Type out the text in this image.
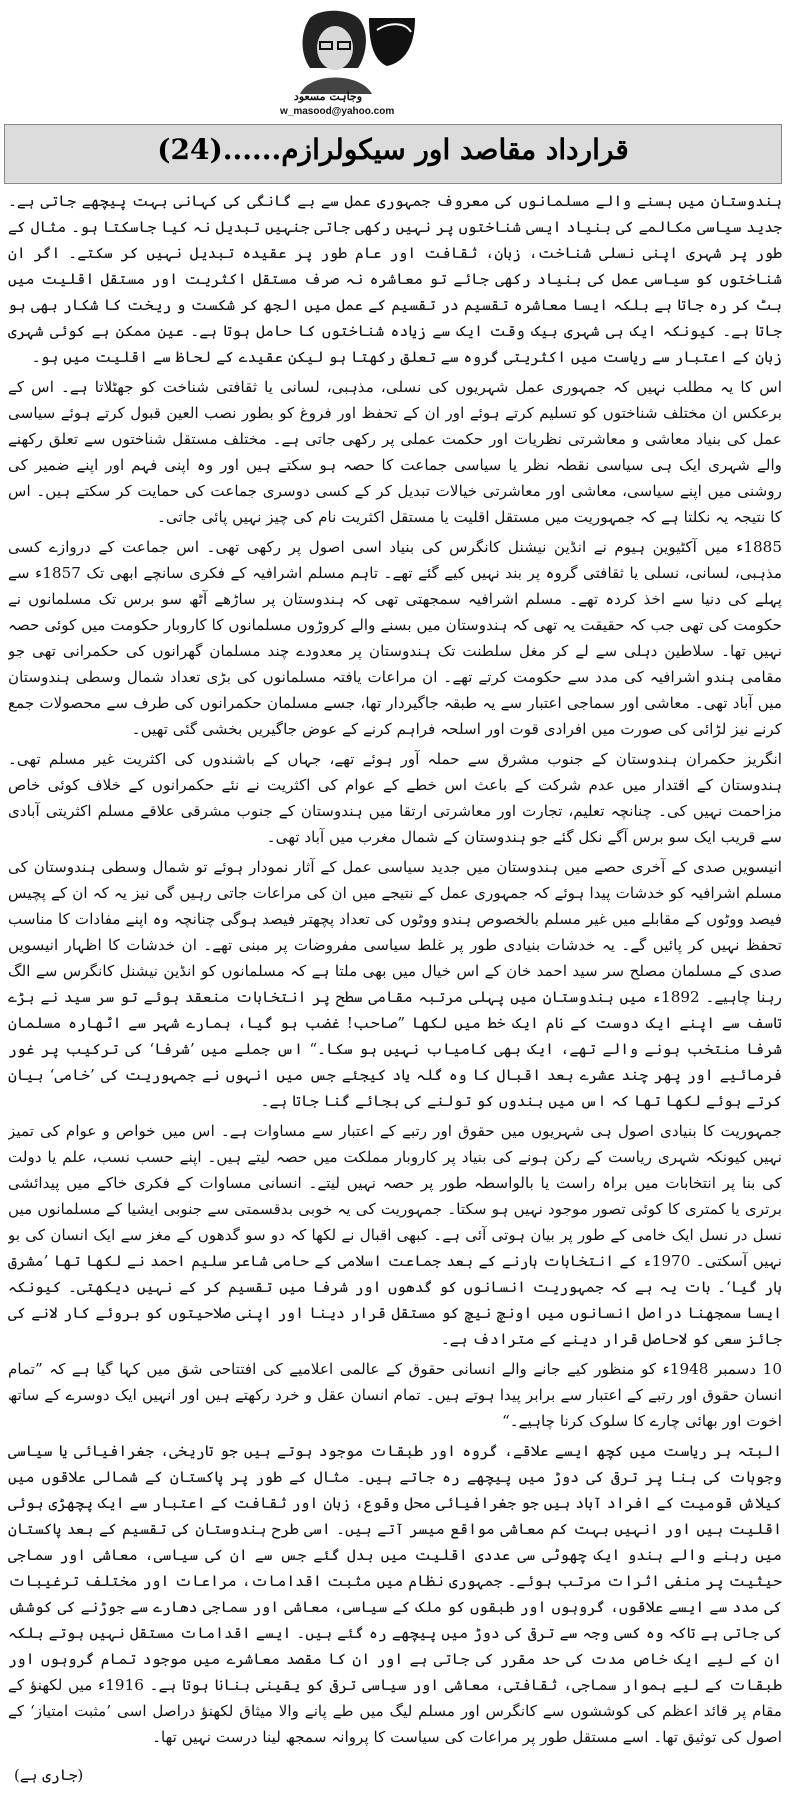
وجاہت مسعود
w_masood@yahoo.com
قرارداد مقاصد اور سیکولرازم......(24)

ہندوستان میں بسنے والے مسلمانوں کی معروف جمہوری عمل سے بے گانگی کی کہانی بہت پیچھے جاتی ہے۔ جدید سیاسی مکالمے کی بنیاد ایسی شناختوں پر نہیں رکھی جاتی جنہیں تبدیل نہ کیا جاسکتا ہو۔ مثال کے طور پر شہری اپنی نسلی شناخت، زبان، ثقافت اور عام طور پر عقیدہ تبدیل نہیں کر سکتے۔ اگر ان شناختوں کو سیاسی عمل کی بنیاد رکھی جائے تو معاشرہ نہ صرف مستقل اکثریت اور مستقل اقلیت میں بٹ کر رہ جاتا ہے بلکہ ایسا معاشرہ تقسیم در تقسیم کے عمل میں الجھ کر شکست و ریخت کا شکار بھی ہو جاتا ہے۔ کیونکہ ایک ہی شہری بیک وقت ایک سے زیادہ شناختوں کا حامل ہوتا ہے۔ عین ممکن ہے کوئی شہری زبان کے اعتبار سے ریاست میں اکثریتی گروہ سے تعلق رکھتا ہو لیکن عقیدے کے لحاظ سے اقلیت میں ہو۔

اس کا یہ مطلب نہیں کہ جمہوری عمل شہریوں کی نسلی، مذہبی، لسانی یا ثقافتی شناخت کو جھٹلاتا ہے۔ اس کے برعکس ان مختلف شناختوں کو تسلیم کرتے ہوئے اور ان کے تحفظ اور فروغ کو بطور نصب العین قبول کرتے ہوئے سیاسی عمل کی بنیاد معاشی و معاشرتی نظریات اور حکمت عملی پر رکھی جاتی ہے۔ مختلف مستقل شناختوں سے تعلق رکھنے والے شہری ایک ہی سیاسی نقطہ نظر یا سیاسی جماعت کا حصہ ہو سکتے ہیں اور وہ اپنی فہم اور اپنے ضمیر کی روشنی میں اپنے سیاسی، معاشی اور معاشرتی خیالات تبدیل کر کے کسی دوسری جماعت کی حمایت کر سکتے ہیں۔ اس کا نتیجہ یہ نکلتا ہے کہ جمہوریت میں مستقل اقلیت یا مستقل اکثریت نام کی چیز نہیں پائی جاتی۔

1885ء میں آکٹیوین ہیوم نے انڈین نیشنل کانگرس کی بنیاد اسی اصول پر رکھی تھی۔ اس جماعت کے دروازے کسی مذہبی، لسانی، نسلی یا ثقافتی گروہ پر بند نہیں کیے گئے تھے۔ تاہم مسلم اشرافیہ کے فکری سانچے ابھی تک 1857ء سے پہلے کی دنیا سے اخذ کردہ تھے۔ مسلم اشرافیہ سمجھتی تھی کہ ہندوستان پر ساڑھے آٹھ سو برس تک مسلمانوں نے حکومت کی تھی جب کہ حقیقت یہ تھی کہ ہندوستان میں بسنے والے کروڑوں مسلمانوں کا کاروبار حکومت میں کوئی حصہ نہیں تھا۔ سلاطین دہلی سے لے کر مغل سلطنت تک ہندوستان پر معدودے چند مسلمان گھرانوں کی حکمرانی تھی جو مقامی ہندو اشرافیہ کی مدد سے حکومت کرتے تھے۔ ان مراعات یافتہ مسلمانوں کی بڑی تعداد شمال وسطی ہندوستان میں آباد تھی۔ معاشی اور سماجی اعتبار سے یہ طبقہ جاگیردار تھا، جسے مسلمان حکمرانوں کی طرف سے محصولات جمع کرنے نیز لڑائی کی صورت میں افرادی قوت اور اسلحہ فراہم کرنے کے عوض جاگیریں بخشی گئی تھیں۔

انگریز حکمران ہندوستان کے جنوب مشرق سے حملہ آور ہوئے تھے، جہاں کے باشندوں کی اکثریت غیر مسلم تھی۔ ہندوستان کے اقتدار میں عدم شرکت کے باعث اس خطے کے عوام کی اکثریت نے نئے حکمرانوں کے خلاف کوئی خاص مزاحمت نہیں کی۔ چنانچہ تعلیم، تجارت اور معاشرتی ارتقا میں ہندوستان کے جنوب مشرقی علاقے مسلم اکثریتی آبادی سے قریب ایک سو برس آگے نکل گئے جو ہندوستان کے شمال مغرب میں آباد تھی۔

انیسویں صدی کے آخری حصے میں ہندوستان میں جدید سیاسی عمل کے آثار نمودار ہوئے تو شمال وسطی ہندوستان کی مسلم اشرافیہ کو خدشات پیدا ہوئے کہ جمہوری عمل کے نتیجے میں ان کی مراعات جاتی رہیں گی نیز یہ کہ ان کے پچیس فیصد ووٹوں کے مقابلے میں غیر مسلم بالخصوص ہندو ووٹوں کی تعداد پچھتر فیصد ہوگی چنانچہ وہ اپنے مفادات کا مناسب تحفظ نہیں کر پائیں گے۔ یہ خدشات بنیادی طور پر غلط سیاسی مفروضات پر مبنی تھے۔ ان خدشات کا اظہار انیسویں صدی کے مسلمان مصلح سر سید احمد خان کے اس خیال میں بھی ملتا ہے کہ مسلمانوں کو انڈین نیشنل کانگرس سے الگ رہنا چاہیے۔ 1892ء میں ہندوستان میں پہلی مرتبہ مقامی سطح پر انتخابات منعقد ہوئے تو سر سید نے بڑے تاسف سے اپنے ایک دوست کے نام ایک خط میں لکھا ”صاحب! غضب ہو گیا، ہمارے شہر سے اٹھارہ مسلمان شرفا منتخب ہونے والے تھے، ایک بھی کامیاب نہیں ہو سکا۔“ اس جملے میں ’شرفا‘ کی ترکیب پر غور فرمائیے اور پھر چند عشرے بعد اقبال کا وہ گلہ یاد کیجئے جس میں انہوں نے جمہوریت کی ’خامی‘ بیان کرتے ہوئے لکھا تھا کہ اس میں بندوں کو تولنے کی بجائے گنا جاتا ہے۔

جمہوریت کا بنیادی اصول ہی شہریوں میں حقوق اور رتبے کے اعتبار سے مساوات ہے۔ اس میں خواص و عوام کی تمیز نہیں کیونکہ شہری ریاست کے رکن ہونے کی بنیاد پر کاروبار مملکت میں حصہ لیتے ہیں۔ اپنے حسب نسب، علم یا دولت کی بنا پر انتخابات میں براہ راست یا بالواسطہ طور پر حصہ نہیں لیتے۔ انسانی مساوات کے فکری خاکے میں پیدائشی برتری یا کمتری کا کوئی تصور موجود نہیں ہو سکتا۔ جمہوریت کی یہ خوبی بدقسمتی سے جنوبی ایشیا کے مسلمانوں میں نسل در نسل ایک خامی کے طور پر بیان ہوتی آئی ہے۔ کبھی اقبال نے لکھا کہ دو سو گدھوں کے مغز سے ایک انسان کی بو نہیں آسکتی۔ 1970ء کے انتخابات ہارنے کے بعد جماعت اسلامی کے حامی شاعر سلیم احمد نے لکھا تھا ’مشرق ہار گیا‘۔ بات یہ ہے کہ جمہوریت انسانوں کو گدھوں اور شرفا میں تقسیم کر کے نہیں دیکھتی۔ کیونکہ ایسا سمجھنا دراصل انسانوں میں اونچ نیچ کو مستقل قرار دینا اور اپنی صلاحیتوں کو بروئے کار لانے کی جائز سعی کو لاحاصل قرار دینے کے مترادف ہے۔

10 دسمبر 1948ء کو منظور کیے جانے والے انسانی حقوق کے عالمی اعلامیے کی افتتاحی شق میں کہا گیا ہے کہ ”تمام انسان حقوق اور رتبے کے اعتبار سے برابر پیدا ہوتے ہیں۔ تمام انسان عقل و خرد رکھتے ہیں اور انہیں ایک دوسرے کے ساتھ اخوت اور بھائی چارے کا سلوک کرنا چاہیے۔“

البتہ ہر ریاست میں کچھ ایسے علاقے، گروہ اور طبقات موجود ہوتے ہیں جو تاریخی، جغرافیائی یا سیاسی وجوہات کی بنا پر ترقی کی دوڑ میں پیچھے رہ جاتے ہیں۔ مثال کے طور پر پاکستان کے شمالی علاقوں میں کیلاش قومیت کے افراد آباد ہیں جو جغرافیائی محل وقوع، زبان اور ثقافت کے اعتبار سے ایک پچھڑی ہوئی اقلیت ہیں اور انہیں بہت کم معاشی مواقع میسر آتے ہیں۔ اسی طرح ہندوستان کی تقسیم کے بعد پاکستان میں رہنے والے ہندو ایک چھوٹی سی عددی اقلیت میں بدل گئے جس سے ان کی سیاسی، معاشی اور سماجی حیثیت پر منفی اثرات مرتب ہوئے۔ جمہوری نظام میں مثبت اقدامات، مراعات اور مختلف ترغیبات کی مدد سے ایسے علاقوں، گروہوں اور طبقوں کو ملک کے سیاسی، معاشی اور سماجی دھارے سے جوڑنے کی کوشش کی جاتی ہے تاکہ وہ کسی وجہ سے ترقی کی دوڑ میں پیچھے رہ گئے ہیں۔ ایسے اقدامات مستقل نہیں ہوتے بلکہ ان کے لیے ایک خاص مدت کی حد مقرر کی جاتی ہے اور ان کا مقصد معاشرے میں موجود تمام گروہوں اور طبقات کے لیے ہموار سماجی، ثقافتی، معاشی اور سیاسی ترقی کو یقینی بنانا ہوتا ہے۔ 1916ء میں لکھنؤ کے مقام پر قائد اعظم کی کوششوں سے کانگرس اور مسلم لیگ میں طے پانے والا میثاق لکھنؤ دراصل اسی ’مثبت امتیاز‘ کے اصول کی توثیق تھا۔ اسے مستقل طور پر مراعات کی سیاست کا پروانہ سمجھ لینا درست نہیں تھا۔

(جاری ہے)
